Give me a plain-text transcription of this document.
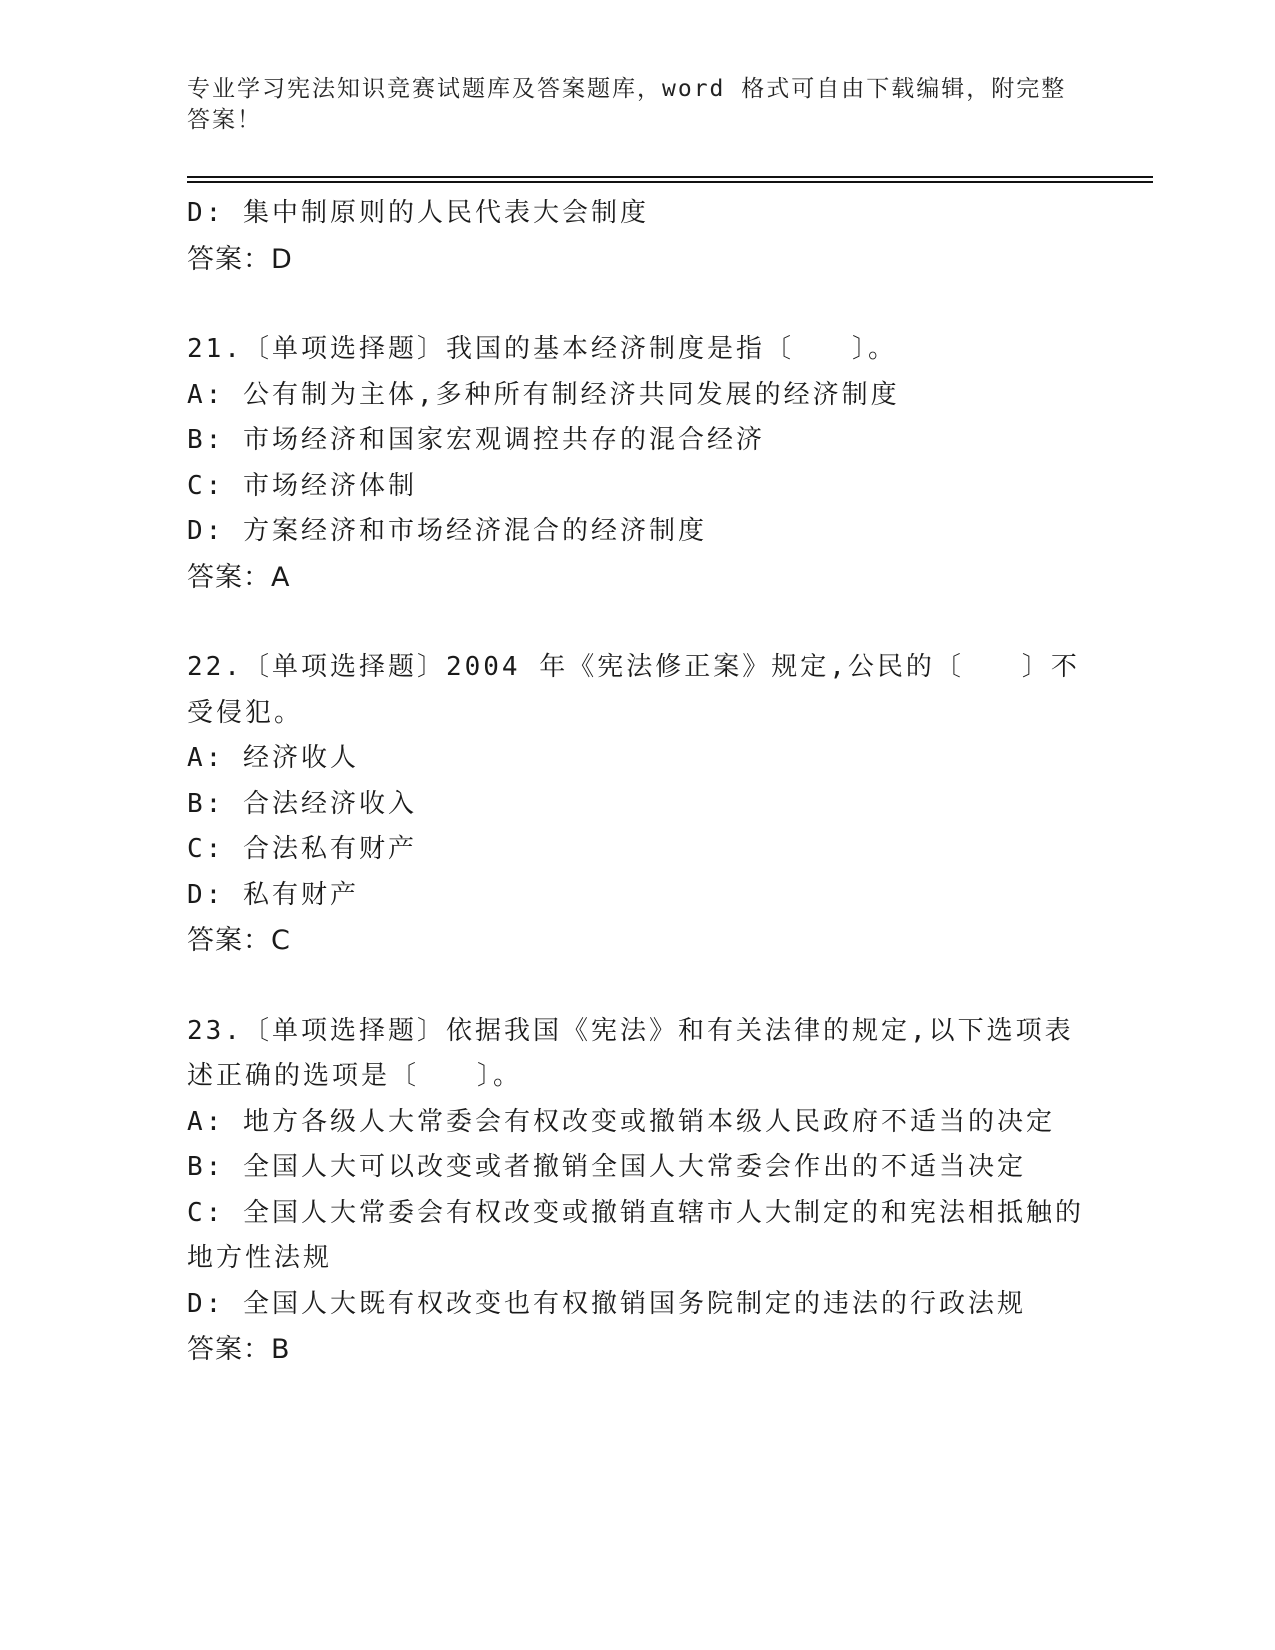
专业学习宪法知识竞赛试题库及答案题库，word 格式可自由下载编辑，附完整答案！
D: 集中制原则的人民代表大会制度
答案：D
21.〔单项选择题〕我国的基本经济制度是指〔　　〕。
A: 公有制为主体,多种所有制经济共同发展的经济制度
B: 市场经济和国家宏观调控共存的混合经济
C: 市场经济体制
D: 方案经济和市场经济混合的经济制度
答案：A
22.〔单项选择题〕2004 年《宪法修正案》规定,公民的〔　　〕不受侵犯。
A: 经济收人
B: 合法经济收入
C: 合法私有财产
D: 私有财产
答案：C
23.〔单项选择题〕依据我国《宪法》和有关法律的规定,以下选项表述正确的选项是〔　　〕。
A: 地方各级人大常委会有权改变或撤销本级人民政府不适当的决定
B: 全国人大可以改变或者撤销全国人大常委会作出的不适当决定
C: 全国人大常委会有权改变或撤销直辖市人大制定的和宪法相抵触的地方性法规
D: 全国人大既有权改变也有权撤销国务院制定的违法的行政法规
答案：B
